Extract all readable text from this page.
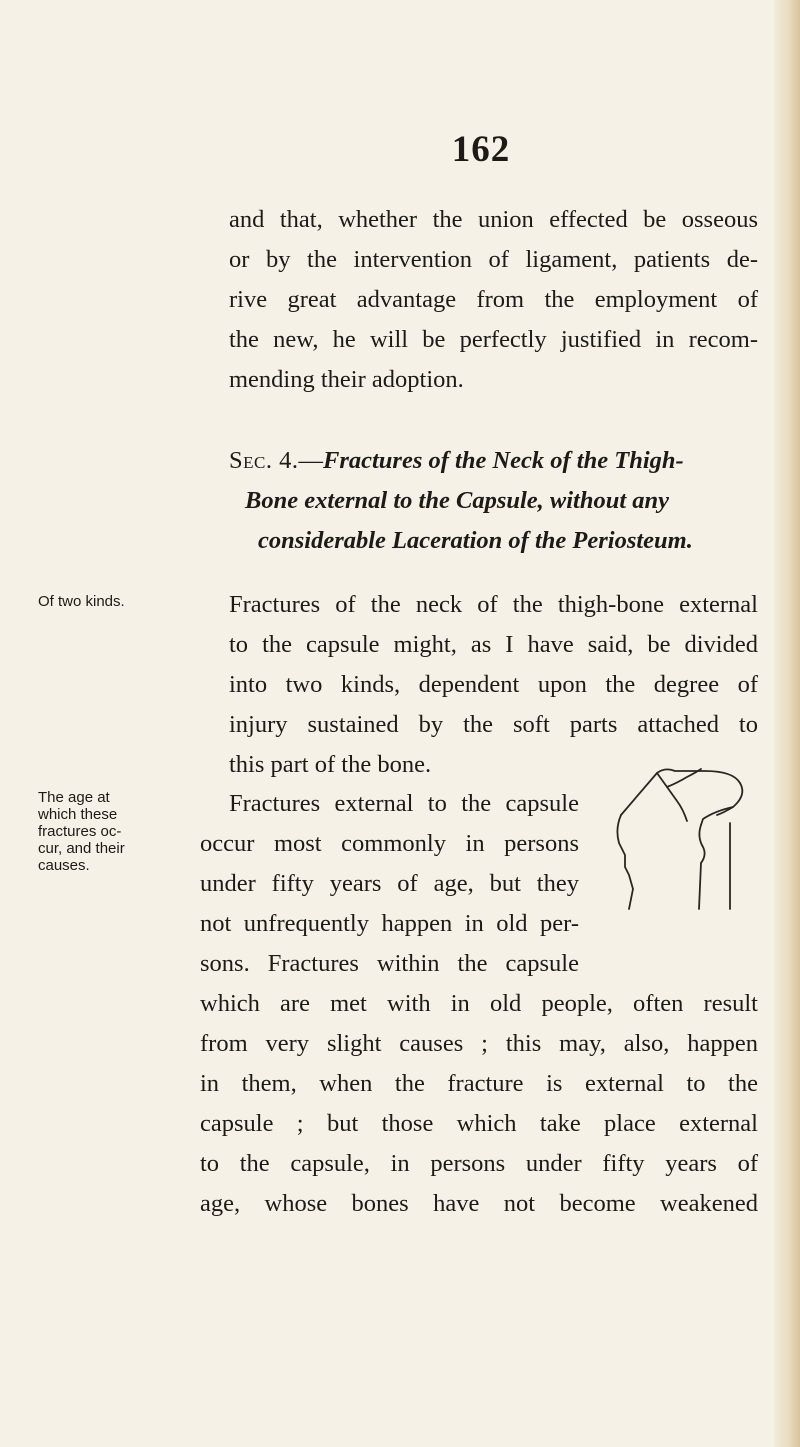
162
and that, whether the union effected be osseous
or by the intervention of ligament, patients de-
rive great advantage from the employment of
the new, he will be perfectly justified in recom-
mending their adoption.
Sec. 4.—Fractures of the Neck of the Thigh-
Bone external to the Capsule, without any
considerable Laceration of the Periosteum.
Of two kinds.
The age at
which these
fractures oc-
cur, and their
causes.
Fractures of the neck of the thigh-bone external
to the capsule might, as I have said, be divided
into two kinds, dependent upon the degree of
injury sustained by the soft parts attached to
this part of the bone.
Fractures external to the capsule
occur most commonly in persons
under fifty years of age, but they
not unfrequently happen in old per-
sons. Fractures within the capsule
which are met with in old people, often result
from very slight causes ; this may, also, happen
in them, when the fracture is external to the
capsule ; but those which take place external
to the capsule, in persons under fifty years of
age, whose bones have not become weakened
